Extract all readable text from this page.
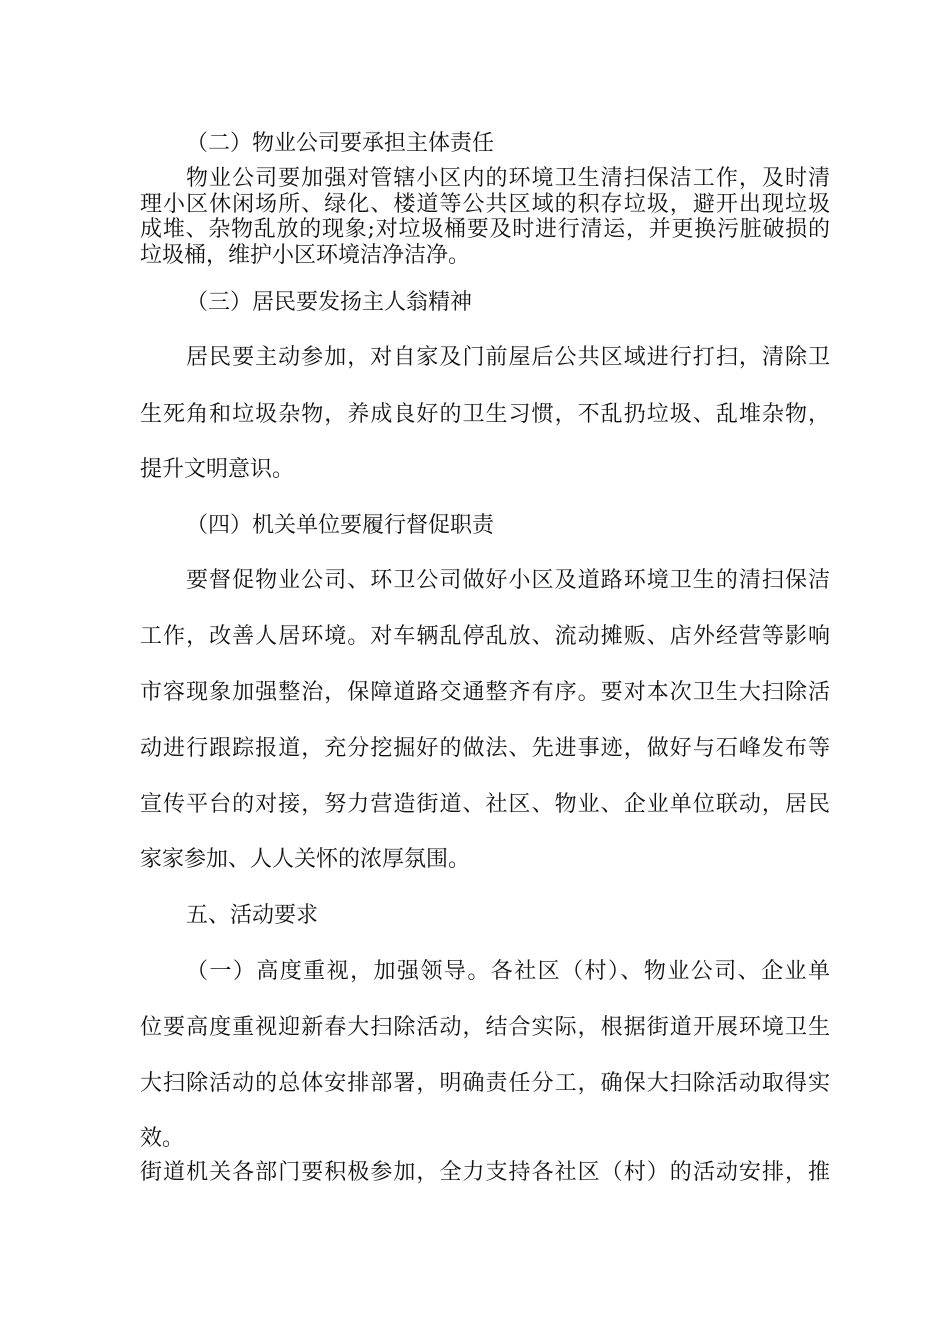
（二）物业公司要承担主体责任
物业公司要加强对管辖小区内的环境卫生清扫保洁工作，及时清
理小区休闲场所、绿化、楼道等公共区域的积存垃圾，避开出现垃圾
成堆、杂物乱放的现象;对垃圾桶要及时进行清运，并更换污脏破损的
垃圾桶，维护小区环境洁净洁净。
（三）居民要发扬主人翁精神
居民要主动参加，对自家及门前屋后公共区域进行打扫，清除卫
生死角和垃圾杂物，养成良好的卫生习惯，不乱扔垃圾、乱堆杂物，
提升文明意识。
（四）机关单位要履行督促职责
要督促物业公司、环卫公司做好小区及道路环境卫生的清扫保洁
工作，改善人居环境。对车辆乱停乱放、流动摊贩、店外经营等影响
市容现象加强整治，保障道路交通整齐有序。要对本次卫生大扫除活
动进行跟踪报道，充分挖掘好的做法、先进事迹，做好与石峰发布等
宣传平台的对接，努力营造街道、社区、物业、企业单位联动，居民
家家参加、人人关怀的浓厚氛围。
五、活动要求
（一）高度重视，加强领导。各社区（村）、物业公司、企业单
位要高度重视迎新春大扫除活动，结合实际，根据街道开展环境卫生
大扫除活动的总体安排部署，明确责任分工，确保大扫除活动取得实
效。
街道机关各部门要积极参加，全力支持各社区（村）的活动安排，推
